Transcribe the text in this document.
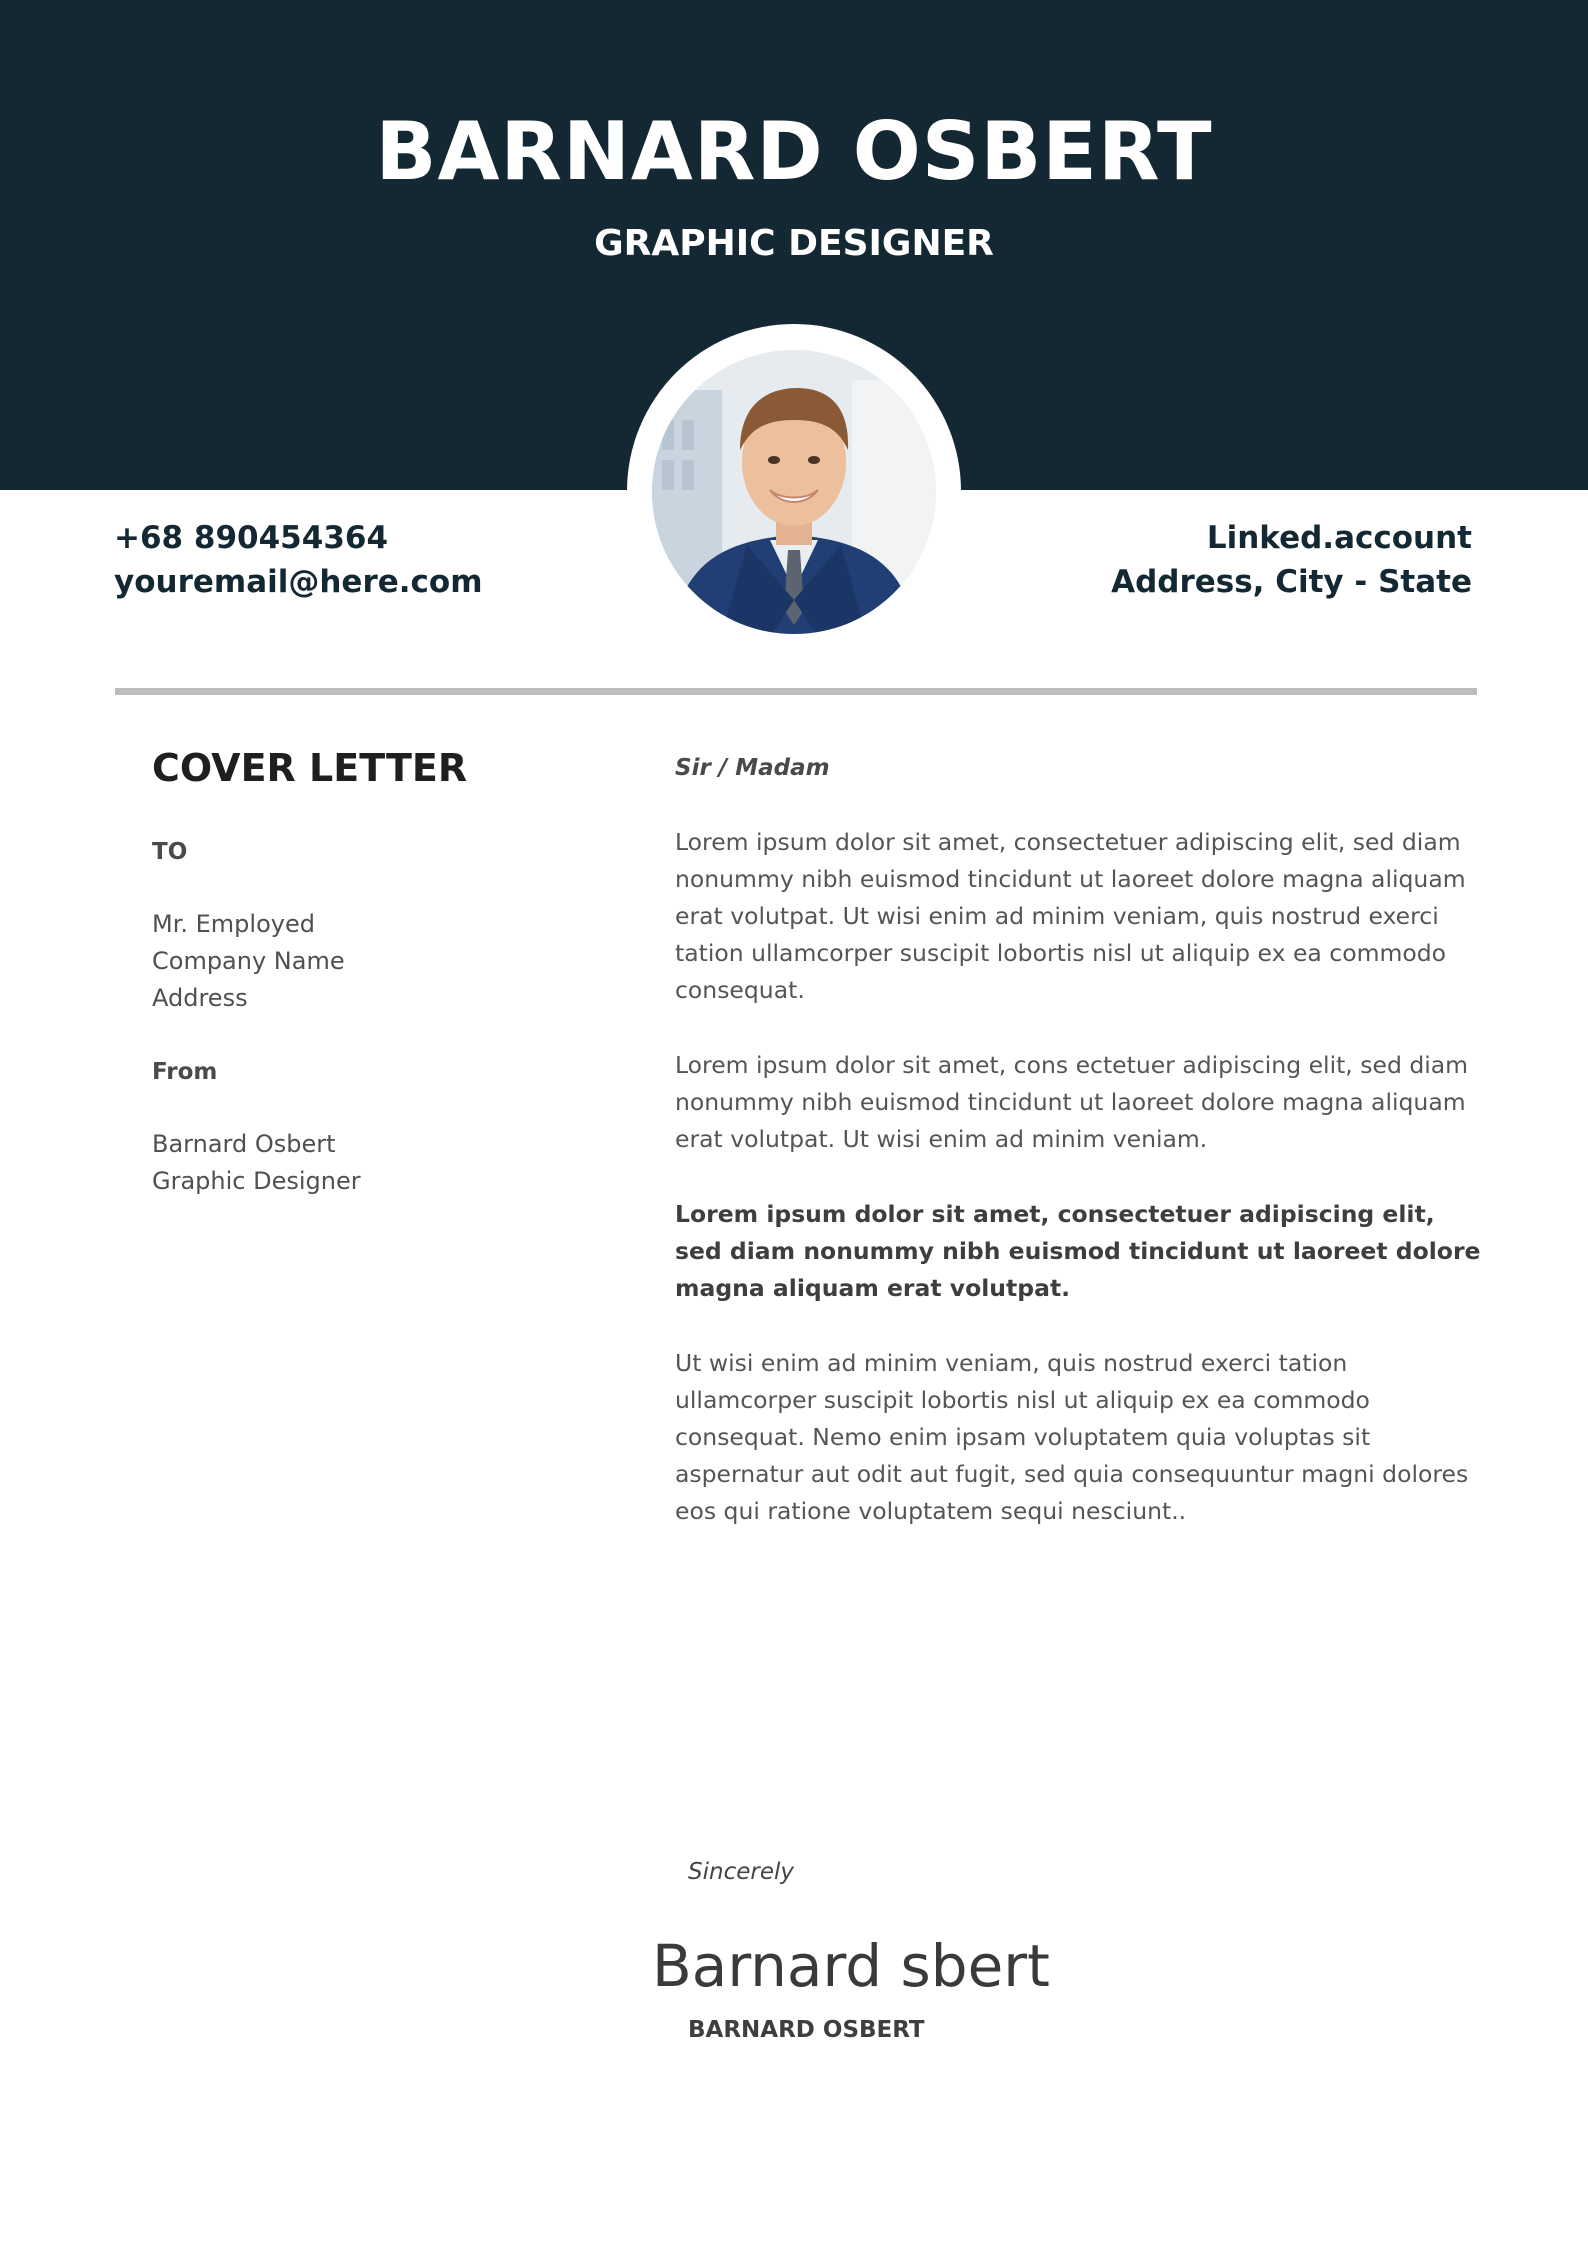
BARNARD OSBERT
GRAPHIC DESIGNER
+68 890454364
youremail@here.com
Linked.account
Address, City - State
COVER LETTER
TO
Mr. Employed
Company Name
Address
From
Barnard Osbert
Graphic Designer
Sir / Madam

Lorem ipsum dolor sit amet, consectetuer adipiscing elit, sed diam nonummy nibh euismod tincidunt ut laoreet dolore magna aliquam erat volutpat. Ut wisi enim ad minim veniam, quis nostrud exerci tation ullamcorper suscipit lobortis nisl ut aliquip ex ea commodo consequat.

Lorem ipsum dolor sit amet, cons ectetuer adipiscing elit, sed diam nonummy nibh euismod tincidunt ut laoreet dolore magna aliquam erat volutpat. Ut wisi enim ad minim veniam.

Lorem ipsum dolor sit amet, consectetuer adipiscing elit, sed diam nonummy nibh euismod tincidunt ut laoreet dolore magna aliquam erat volutpat.

Ut wisi enim ad minim veniam, quis nostrud exerci tation ullamcorper suscipit lobortis nisl ut aliquip ex ea commodo consequat. Nemo enim ipsam voluptatem quia voluptas sit aspernatur aut odit aut fugit, sed quia consequuntur magni dolores eos qui ratione voluptatem sequi nesciunt..

Sincerely
Barnard sbert
BARNARD OSBERT
